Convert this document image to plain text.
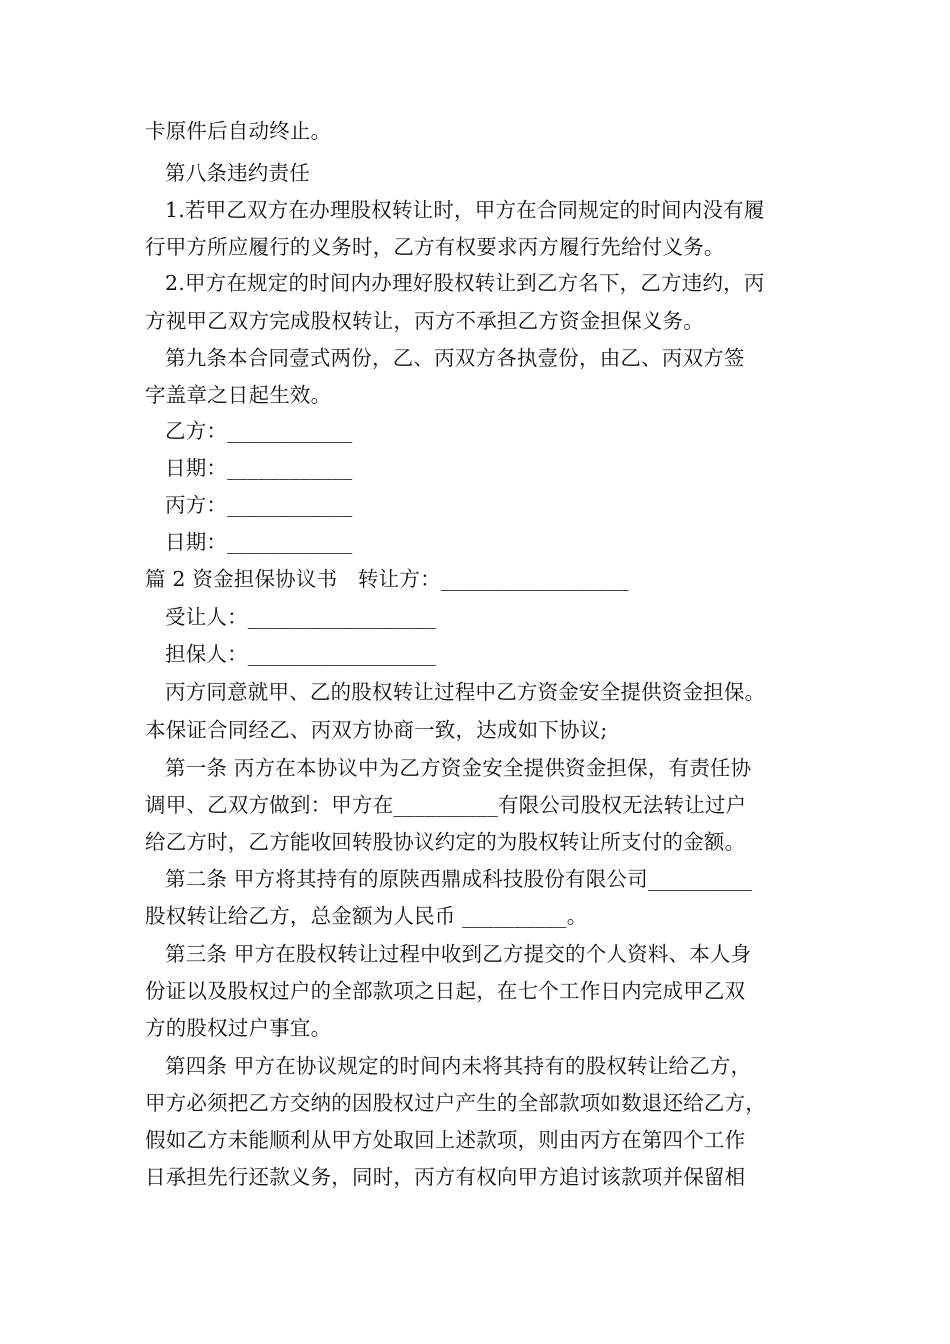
卡原件后自动终止。
第八条违约责任
1.若甲乙双方在办理股权转让时，甲方在合同规定的时间内没有履
行甲方所应履行的义务时，乙方有权要求丙方履行先给付义务。
2.甲方在规定的时间内办理好股权转让到乙方名下，乙方违约，丙
方视甲乙双方完成股权转让，丙方不承担乙方资金担保义务。
第九条本合同壹式两份，乙、丙双方各执壹份，由乙、丙双方签
字盖章之日起生效。
乙方：____________
日期：____________
丙方：____________
日期：____________
篇 2 资金担保协议书　转让方：__________________
受让人：__________________
担保人：__________________
丙方同意就甲、乙的股权转让过程中乙方资金安全提供资金担保。
本保证合同经乙、丙双方协商一致，达成如下协议;
第一条 丙方在本协议中为乙方资金安全提供资金担保，有责任协
调甲、乙双方做到：甲方在__________有限公司股权无法转让过户
给乙方时，乙方能收回转股协议约定的为股权转让所支付的金额。
第二条 甲方将其持有的原陕西鼎成科技股份有限公司__________
股权转让给乙方，总金额为人民币 __________。
第三条 甲方在股权转让过程中收到乙方提交的个人资料、本人身
份证以及股权过户的全部款项之日起，在七个工作日内完成甲乙双
方的股权过户事宜。
第四条 甲方在协议规定的时间内未将其持有的股权转让给乙方，
甲方必须把乙方交纳的因股权过户产生的全部款项如数退还给乙方，
假如乙方未能顺利从甲方处取回上述款项，则由丙方在第四个工作
日承担先行还款义务，同时，丙方有权向甲方追讨该款项并保留相
